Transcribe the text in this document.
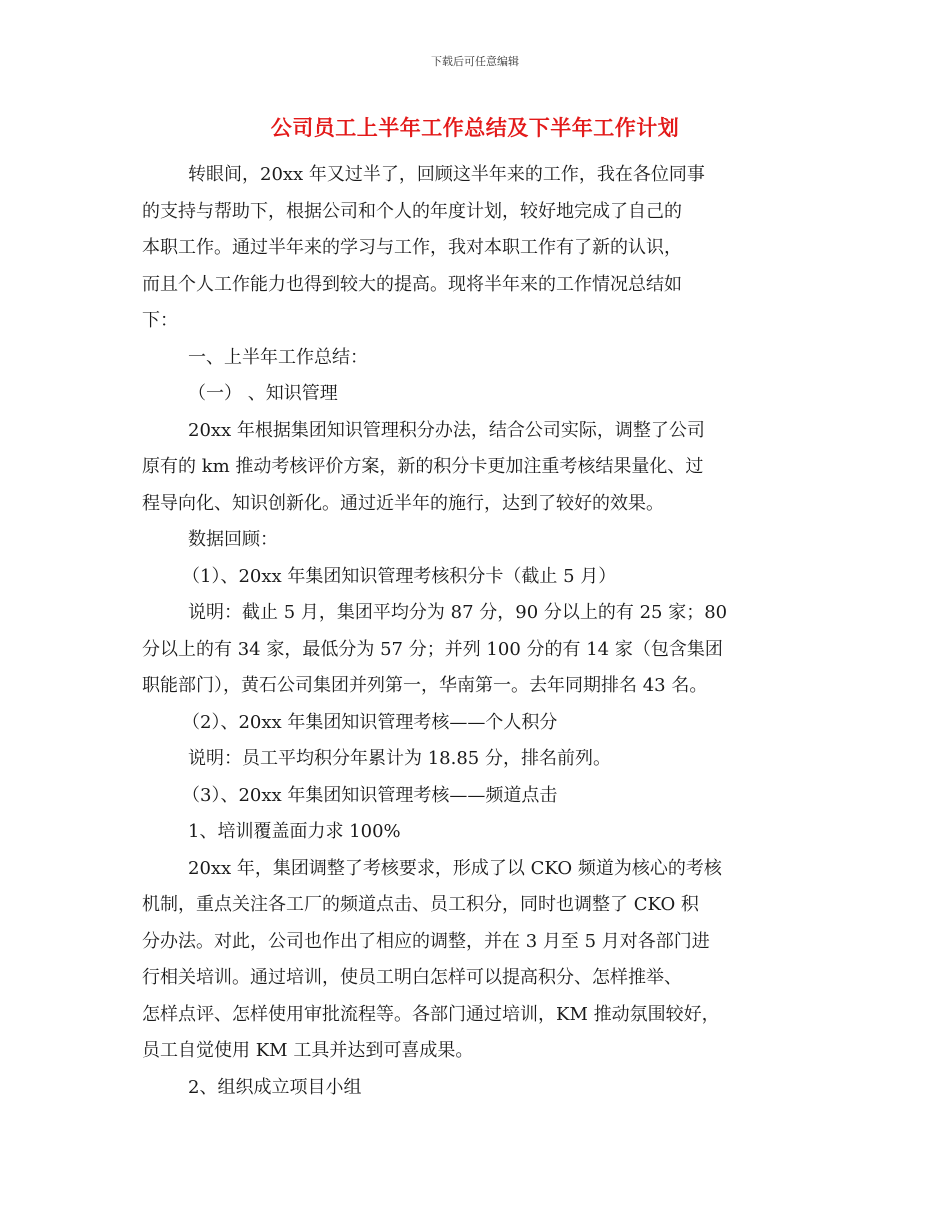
下载后可任意编辑
公司员工上半年工作总结及下半年工作计划
转眼间，20xx 年又过半了，回顾这半年来的工作，我在各位同事
的支持与帮助下，根据公司和个人的年度计划，较好地完成了自己的
本职工作。通过半年来的学习与工作，我对本职工作有了新的认识，
而且个人工作能力也得到较大的提高。现将半年来的工作情况总结如
下：
一、上半年工作总结：
（一） 、知识管理
20xx 年根据集团知识管理积分办法，结合公司实际，调整了公司
原有的 km 推动考核评价方案，新的积分卡更加注重考核结果量化、过
程导向化、知识创新化。通过近半年的施行，达到了较好的效果。
数据回顾：
（1）、20xx 年集团知识管理考核积分卡（截止 5 月）
说明：截止 5 月，集团平均分为 87 分，90 分以上的有 25 家；80
分以上的有 34 家，最低分为 57 分；并列 100 分的有 14 家（包含集团
职能部门），黄石公司集团并列第一，华南第一。去年同期排名 43 名。
（2）、20xx 年集团知识管理考核——个人积分
说明：员工平均积分年累计为 18.85 分，排名前列。
（3）、20xx 年集团知识管理考核——频道点击
1、培训覆盖面力求 100%
20xx 年，集团调整了考核要求，形成了以 CKO 频道为核心的考核
机制，重点关注各工厂的频道点击、员工积分，同时也调整了 CKO 积
分办法。对此，公司也作出了相应的调整，并在 3 月至 5 月对各部门进
行相关培训。通过培训，使员工明白怎样可以提高积分、怎样推举、
怎样点评、怎样使用审批流程等。各部门通过培训，KM 推动氛围较好，
员工自觉使用 KM 工具并达到可喜成果。
2、组织成立项目小组
